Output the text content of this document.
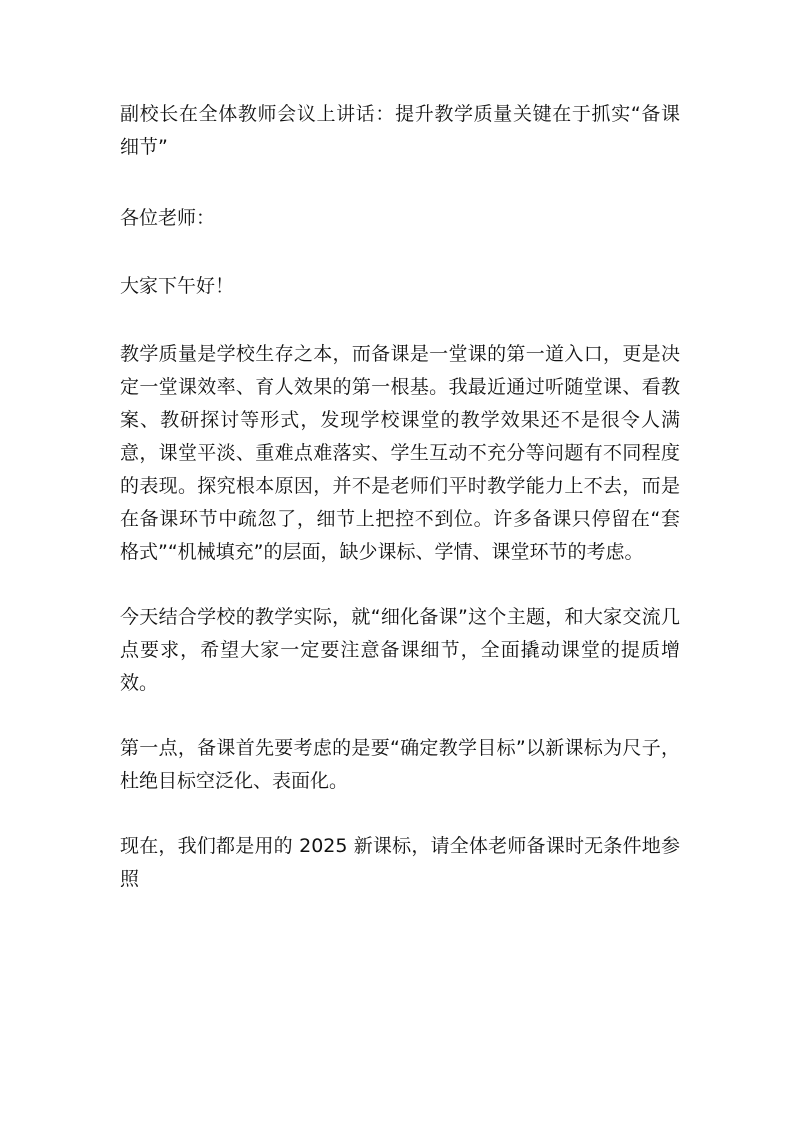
副校长在全体教师会议上讲话：提升教学质量关键在于抓实“备课细节”

各位老师：

大家下午好！

教学质量是学校生存之本，而备课是一堂课的第一道入口，更是决定一堂课效率、育人效果的第一根基。我最近通过听随堂课、看教案、教研探讨等形式，发现学校课堂的教学效果还不是很令人满意，课堂平淡、重难点难落实、学生互动不充分等问题有不同程度的表现。探究根本原因，并不是老师们平时教学能力上不去，而是在备课环节中疏忽了，细节上把控不到位。许多备课只停留在“套格式”“机械填充”的层面，缺少课标、学情、课堂环节的考虑。

今天结合学校的教学实际，就“细化备课”这个主题，和大家交流几点要求，希望大家一定要注意备课细节，全面撬动课堂的提质增效。

第一点，备课首先要考虑的是要“确定教学目标”以新课标为尺子，杜绝目标空泛化、表面化。

现在，我们都是用的 2025 新课标，请全体老师备课时无条件地参照
